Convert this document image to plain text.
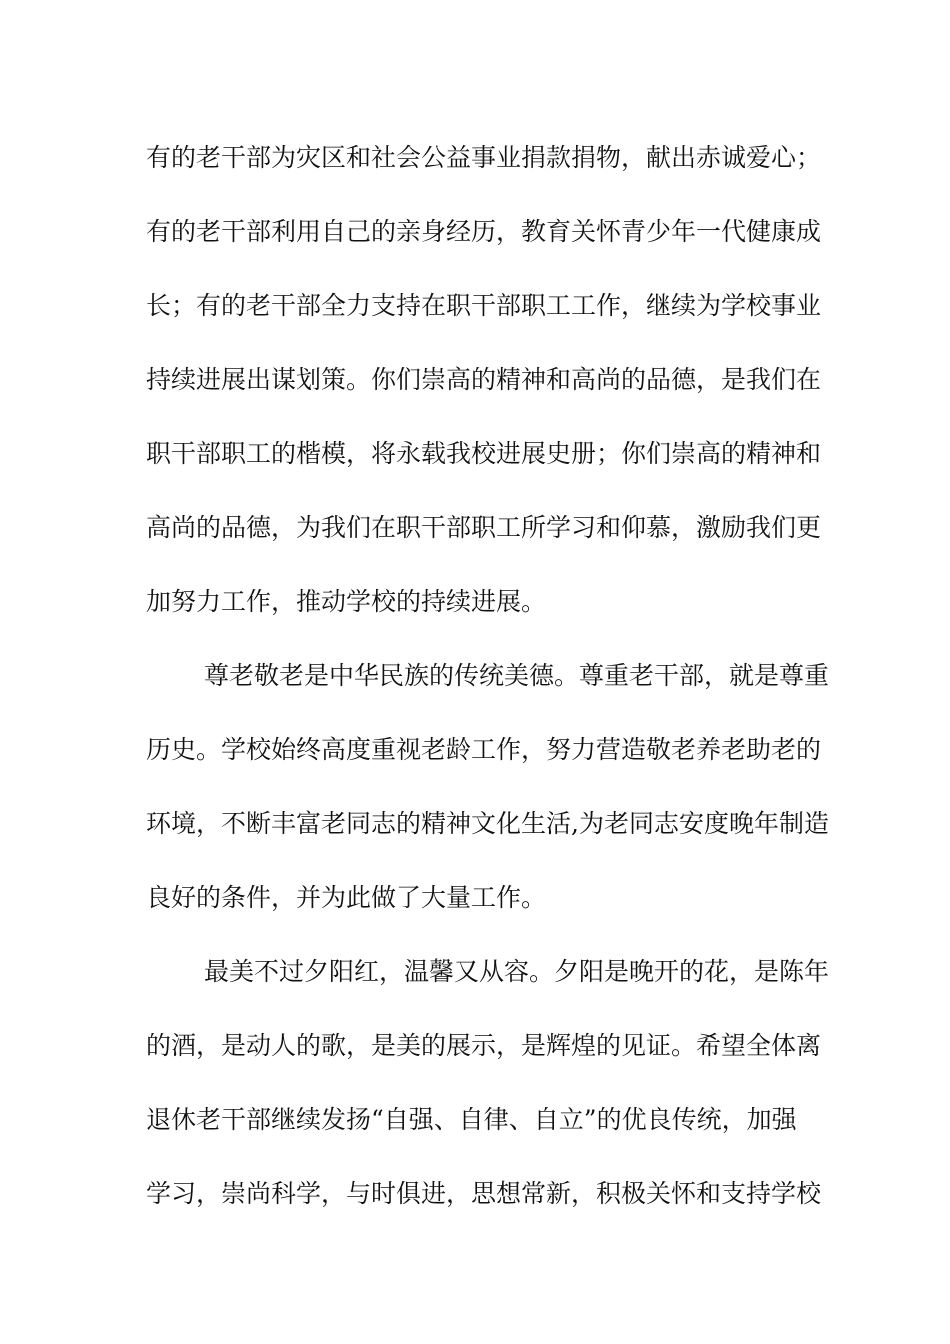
有的老干部为灾区和社会公益事业捐款捐物，献出赤诚爱心；
有的老干部利用自己的亲身经历，教育关怀青少年一代健康成
长；有的老干部全力支持在职干部职工工作，继续为学校事业
持续进展出谋划策。你们崇高的精神和高尚的品德，是我们在
职干部职工的楷模，将永载我校进展史册；你们崇高的精神和
高尚的品德，为我们在职干部职工所学习和仰慕，激励我们更
加努力工作，推动学校的持续进展。
尊老敬老是中华民族的传统美德。尊重老干部，就是尊重
历史。学校始终高度重视老龄工作，努力营造敬老养老助老的
环境，不断丰富老同志的精神文化生活,为老同志安度晚年制造
良好的条件，并为此做了大量工作。
最美不过夕阳红，温馨又从容。夕阳是晚开的花，是陈年
的酒，是动人的歌，是美的展示，是辉煌的见证。希望全体离
退休老干部继续发扬“自强、自律、自立”的优良传统，加强
学习，崇尚科学，与时俱进，思想常新，积极关怀和支持学校
